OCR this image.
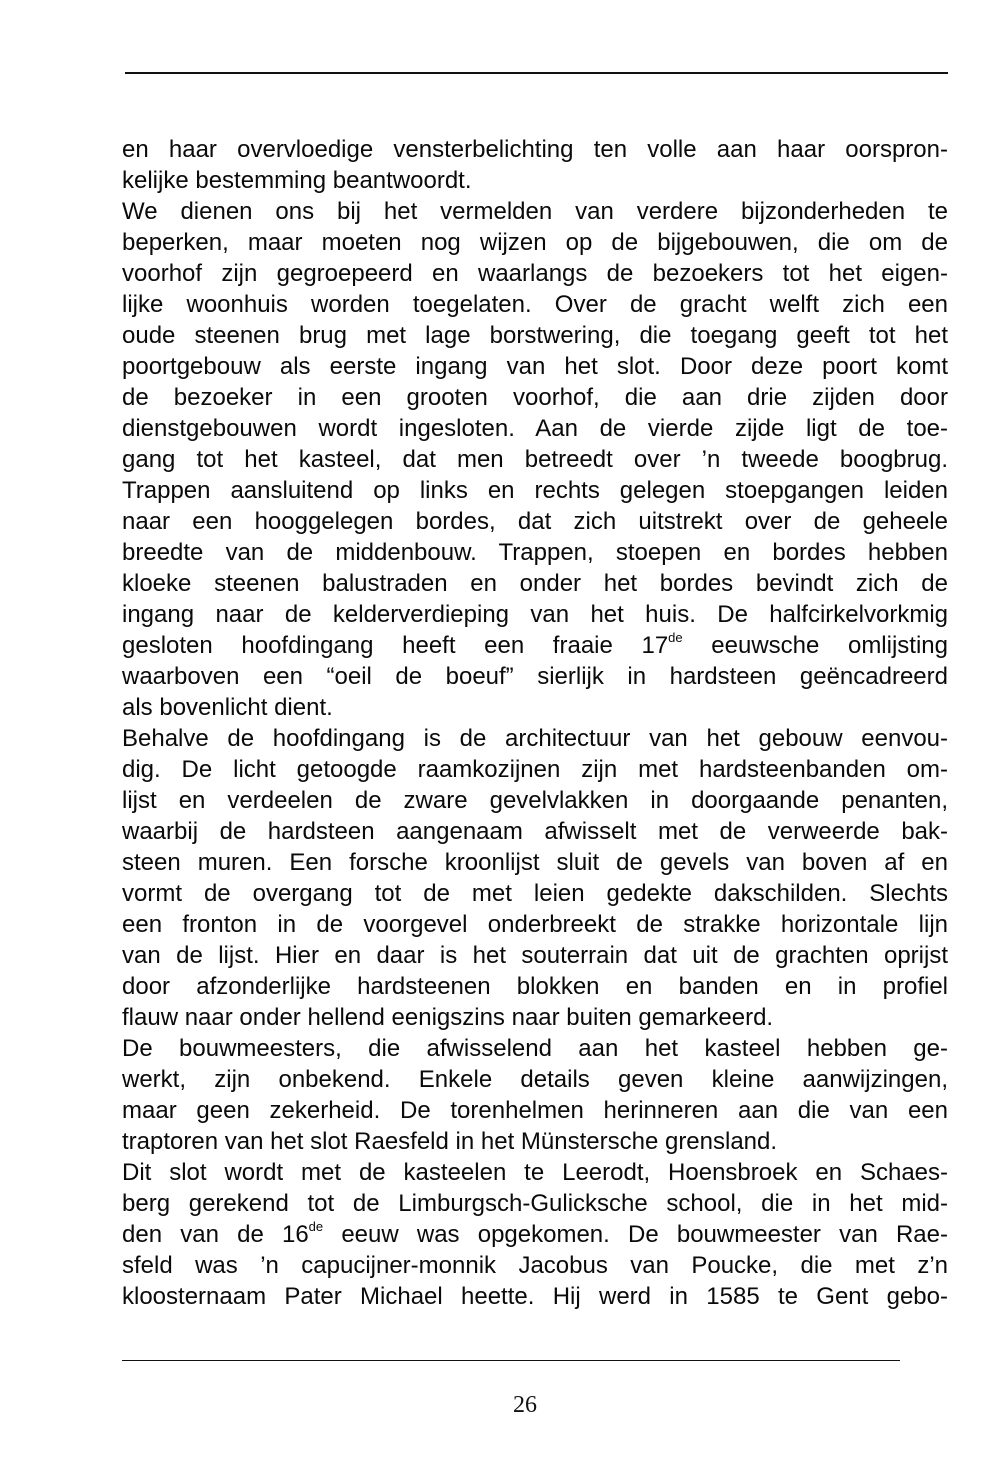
en haar overvloedige vensterbelichting ten volle aan haar oorspron-
kelijke bestemming beantwoordt.
We dienen ons bij het vermelden van verdere bijzonderheden te
beperken, maar moeten nog wijzen op de bijgebouwen, die om de
voorhof zijn gegroepeerd en waarlangs de bezoekers tot het eigen-
lijke woonhuis worden toegelaten. Over de gracht welft zich een
oude steenen brug met lage borstwering, die toegang geeft tot het
poortgebouw als eerste ingang van het slot. Door deze poort komt
de bezoeker in een grooten voorhof, die aan drie zijden door
dienstgebouwen wordt ingesloten. Aan de vierde zijde ligt de toe-
gang tot het kasteel, dat men betreedt over ’n tweede boogbrug.
Trappen aansluitend op links en rechts gelegen stoepgangen leiden
naar een hooggelegen bordes, dat zich uitstrekt over de geheele
breedte van de middenbouw. Trappen, stoepen en bordes hebben
kloeke steenen balustraden en onder het bordes bevindt zich de
ingang naar de kelderverdieping van het huis. De halfcirkelvorkmig
gesloten hoofdingang heeft een fraaie 17de eeuwsche omlijsting
waarboven een “oeil de boeuf” sierlijk in hardsteen geëncadreerd
als bovenlicht dient.
Behalve de hoofdingang is de architectuur van het gebouw eenvou-
dig. De licht getoogde raamkozijnen zijn met hardsteenbanden om-
lijst en verdeelen de zware gevelvlakken in doorgaande penanten,
waarbij de hardsteen aangenaam afwisselt met de verweerde bak-
steen muren. Een forsche kroonlijst sluit de gevels van boven af en
vormt de overgang tot de met leien gedekte dakschilden. Slechts
een fronton in de voorgevel onderbreekt de strakke horizontale lijn
van de lijst. Hier en daar is het souterrain dat uit de grachten oprijst
door afzonderlijke hardsteenen blokken en banden en in profiel
flauw naar onder hellend eenigszins naar buiten gemarkeerd.
De bouwmeesters, die afwisselend aan het kasteel hebben ge-
werkt, zijn onbekend. Enkele details geven kleine aanwijzingen,
maar geen zekerheid. De torenhelmen herinneren aan die van een
traptoren van het slot Raesfeld in het Münstersche grensland.
Dit slot wordt met de kasteelen te Leerodt, Hoensbroek en Schaes-
berg gerekend tot de Limburgsch-Gulicksche school, die in het mid-
den van de 16de eeuw was opgekomen. De bouwmeester van Rae-
sfeld was ’n capucijner-monnik Jacobus van Poucke, die met z’n
kloosternaam Pater Michael heette. Hij werd in 1585 te Gent gebo-
26
